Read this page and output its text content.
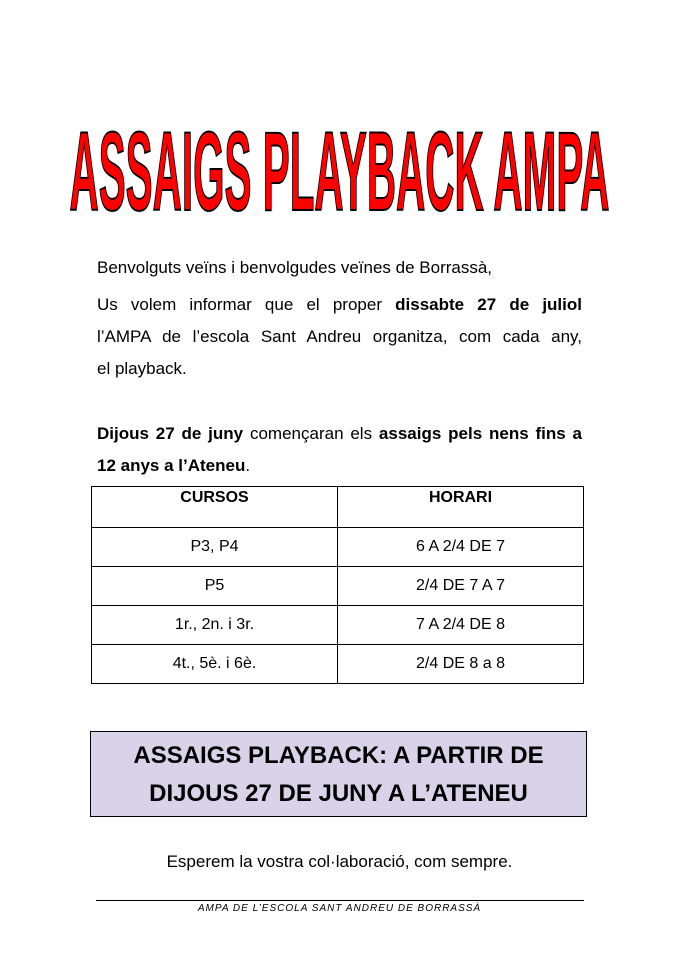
ASSAIGS PLAYBACK AMPA

Benvolguts veïns i benvolgudes veïnes de Borrassà,

Us volem informar que el proper dissabte 27 de juliol
l’AMPA de l’escola Sant Andreu organitza, com cada any,
el playback.

Dijous 27 de juny començaran els assaigs pels nens fins a 12 anys a l’Ateneu.

CURSOS	HORARI
P3, P4	6 A 2/4 DE 7
P5	2/4 DE 7 A 7
1r., 2n. i 3r.	7 A 2/4 DE 8
4t., 5è. i 6è.	2/4 DE 8 a 8
ASSAIGS PLAYBACK: A PARTIR DE
DIJOUS 27 DE JUNY A L’ATENEU
Esperem la vostra col·laboració, com sempre.
AMPA DE L’ESCOLA SANT ANDREU DE BORRASSÀ
